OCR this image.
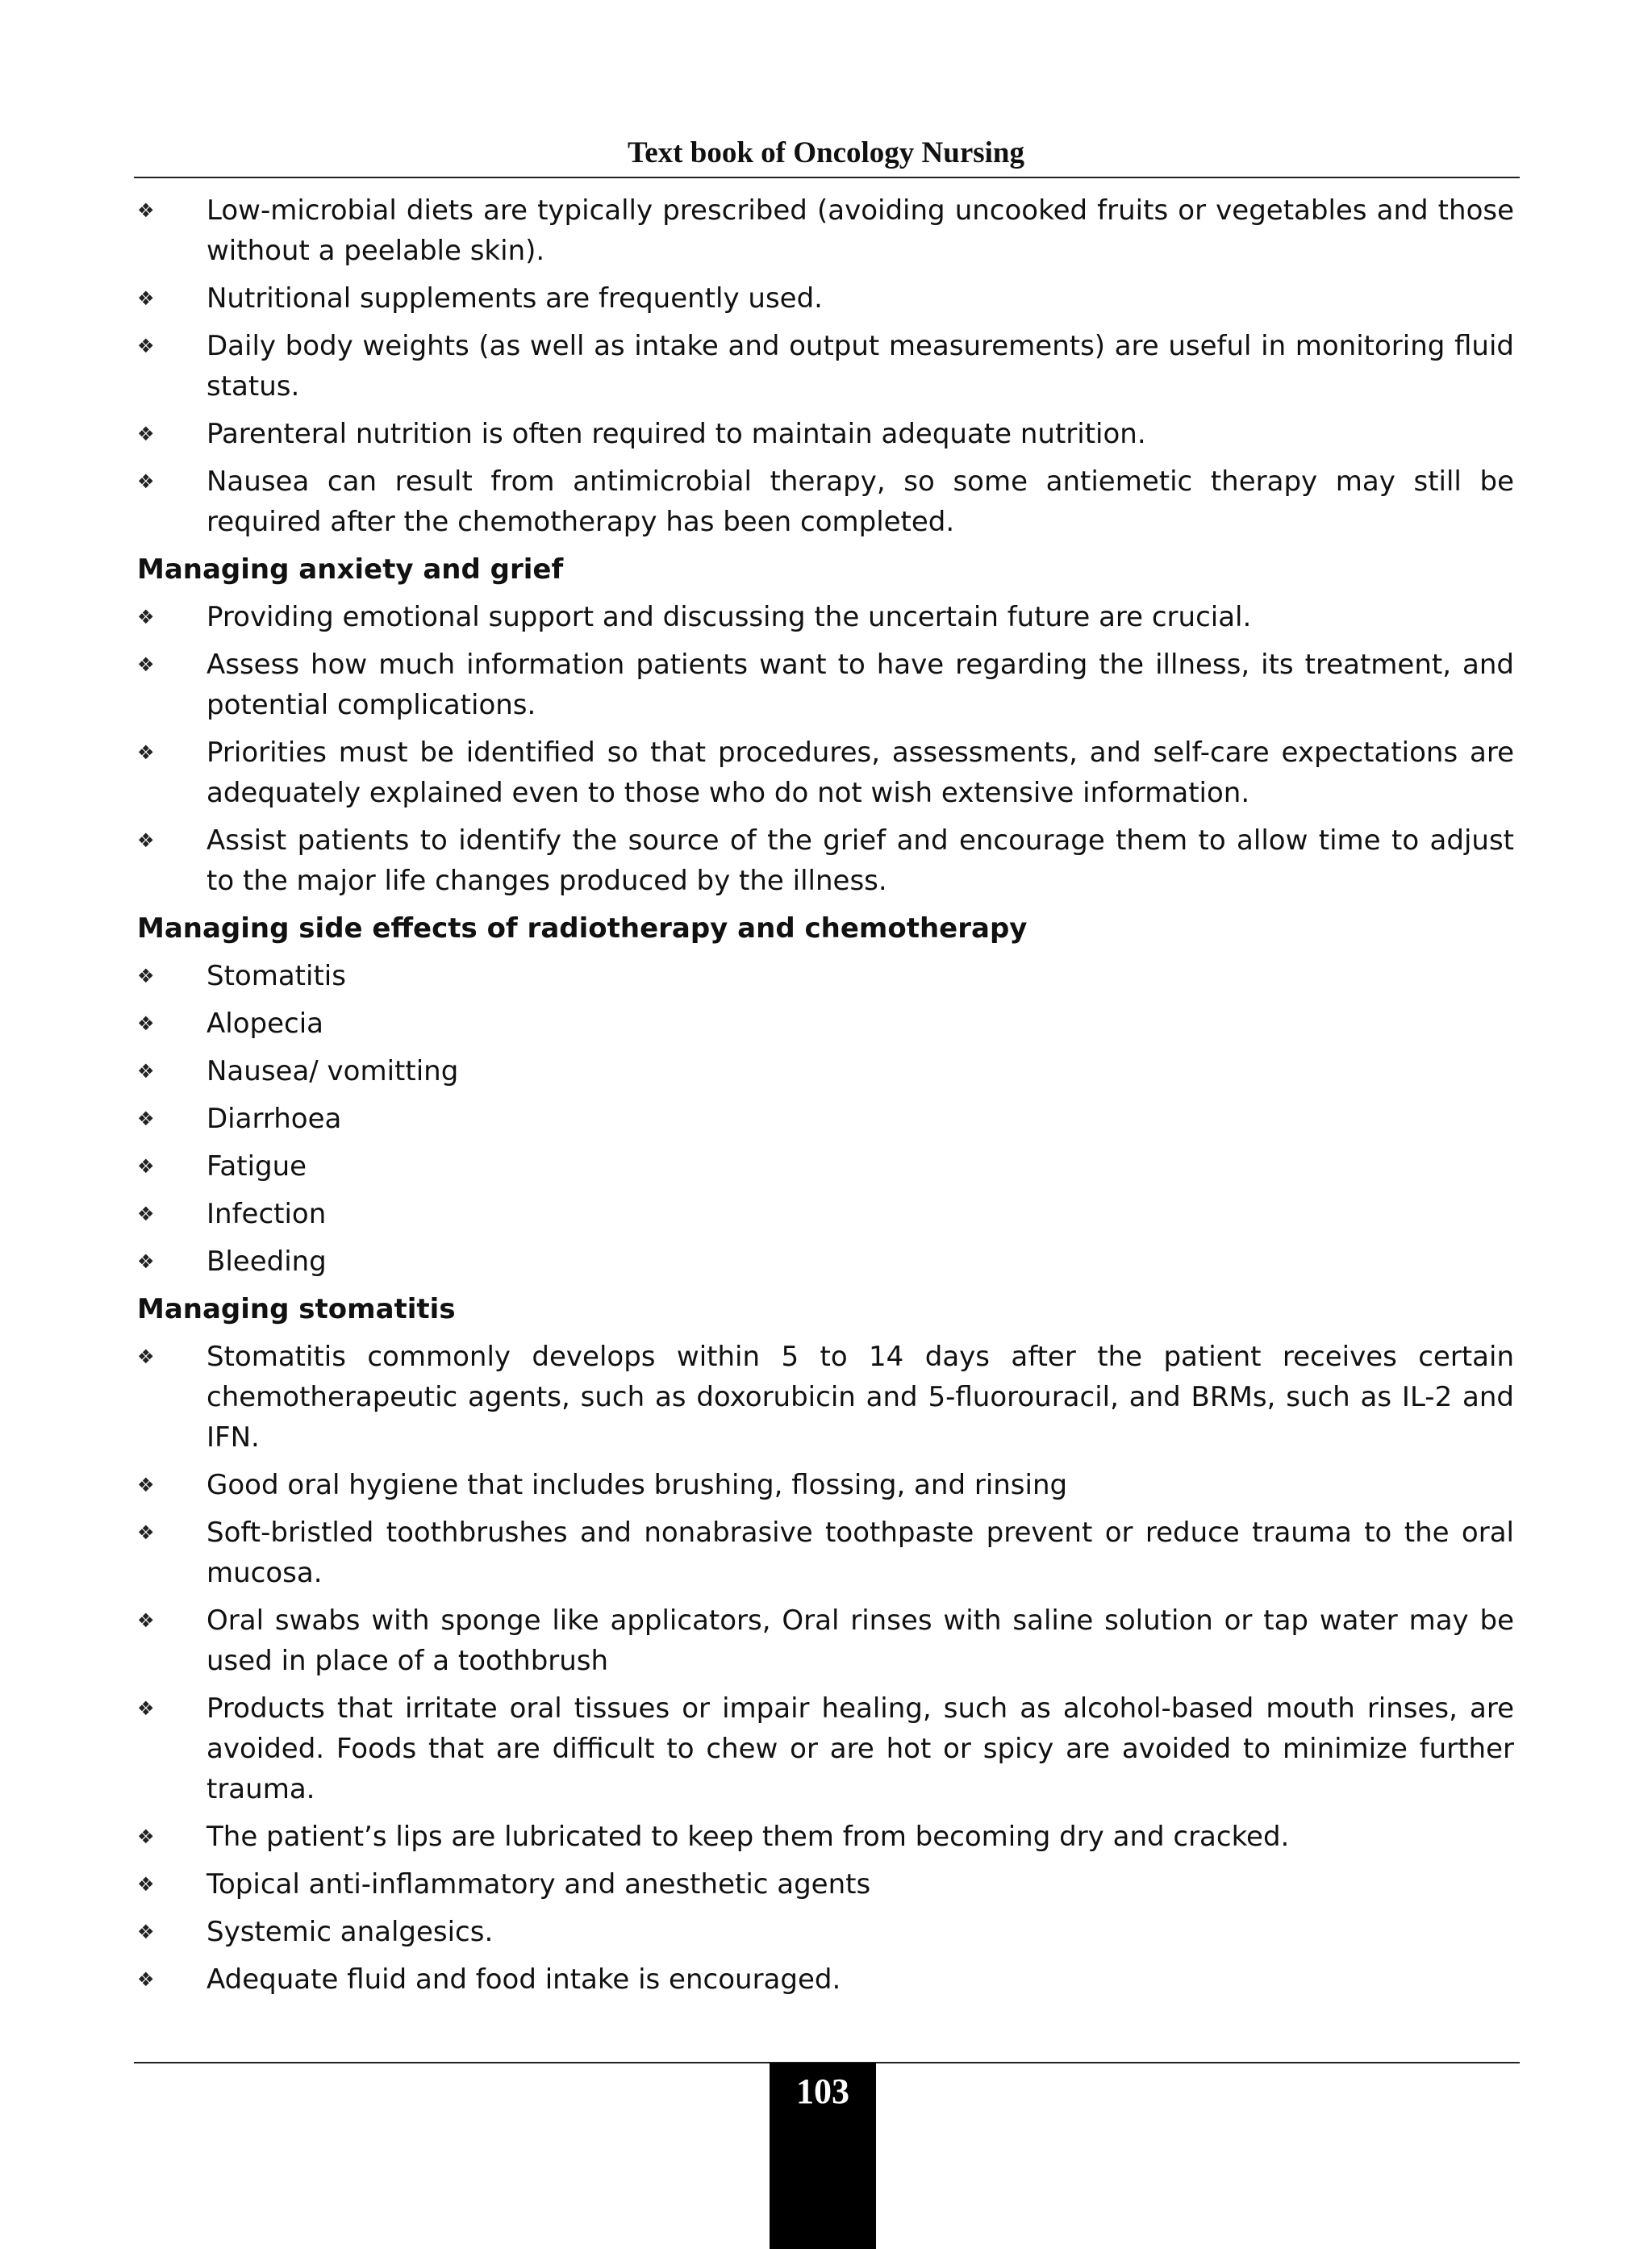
Text book of Oncology Nursing
❖	Low-microbial diets are typically prescribed (avoiding uncooked fruits or vegetables and those without a peelable skin).
❖	Nutritional supplements are frequently used.
❖	Daily body weights (as well as intake and output measurements) are useful in monitoring fluid status.
❖	Parenteral nutrition is often required to maintain adequate nutrition.
❖	Nausea can result from antimicrobial therapy, so some antiemetic therapy may still be required after the chemotherapy has been completed.
Managing anxiety and grief
❖	Providing emotional support and discussing the uncertain future are crucial.
❖	Assess how much information patients want to have regarding the illness, its treatment, and potential complications.
❖	Priorities must be identified so that procedures, assessments, and self-care expectations are adequately explained even to those who do not wish extensive information.
❖	Assist patients to identify the source of the grief and encourage them to allow time to adjust to the major life changes produced by the illness.
Managing side effects of radiotherapy and chemotherapy
❖	Stomatitis
❖	Alopecia
❖	Nausea/ vomitting
❖	Diarrhoea
❖	Fatigue
❖	Infection
❖	Bleeding
Managing stomatitis
❖	Stomatitis commonly develops within 5 to 14 days after the patient receives certain chemotherapeutic agents, such as doxorubicin and 5-fluorouracil, and BRMs, such as IL-2 and IFN.
❖	Good oral hygiene that includes brushing, flossing, and rinsing
❖	Soft-bristled toothbrushes and nonabrasive toothpaste prevent or reduce trauma to the oral mucosa.
❖	Oral swabs with sponge like applicators, Oral rinses with saline solution or tap water may be used in place of a toothbrush
❖	Products that irritate oral tissues or impair healing, such as alcohol-based mouth rinses, are avoided. Foods that are difficult to chew or are hot or spicy are avoided to minimize further trauma.
❖	The patient’s lips are lubricated to keep them from becoming dry and cracked.
❖	Topical anti-inflammatory and anesthetic agents
❖	Systemic analgesics.
❖	Adequate fluid and food intake is encouraged.
103
